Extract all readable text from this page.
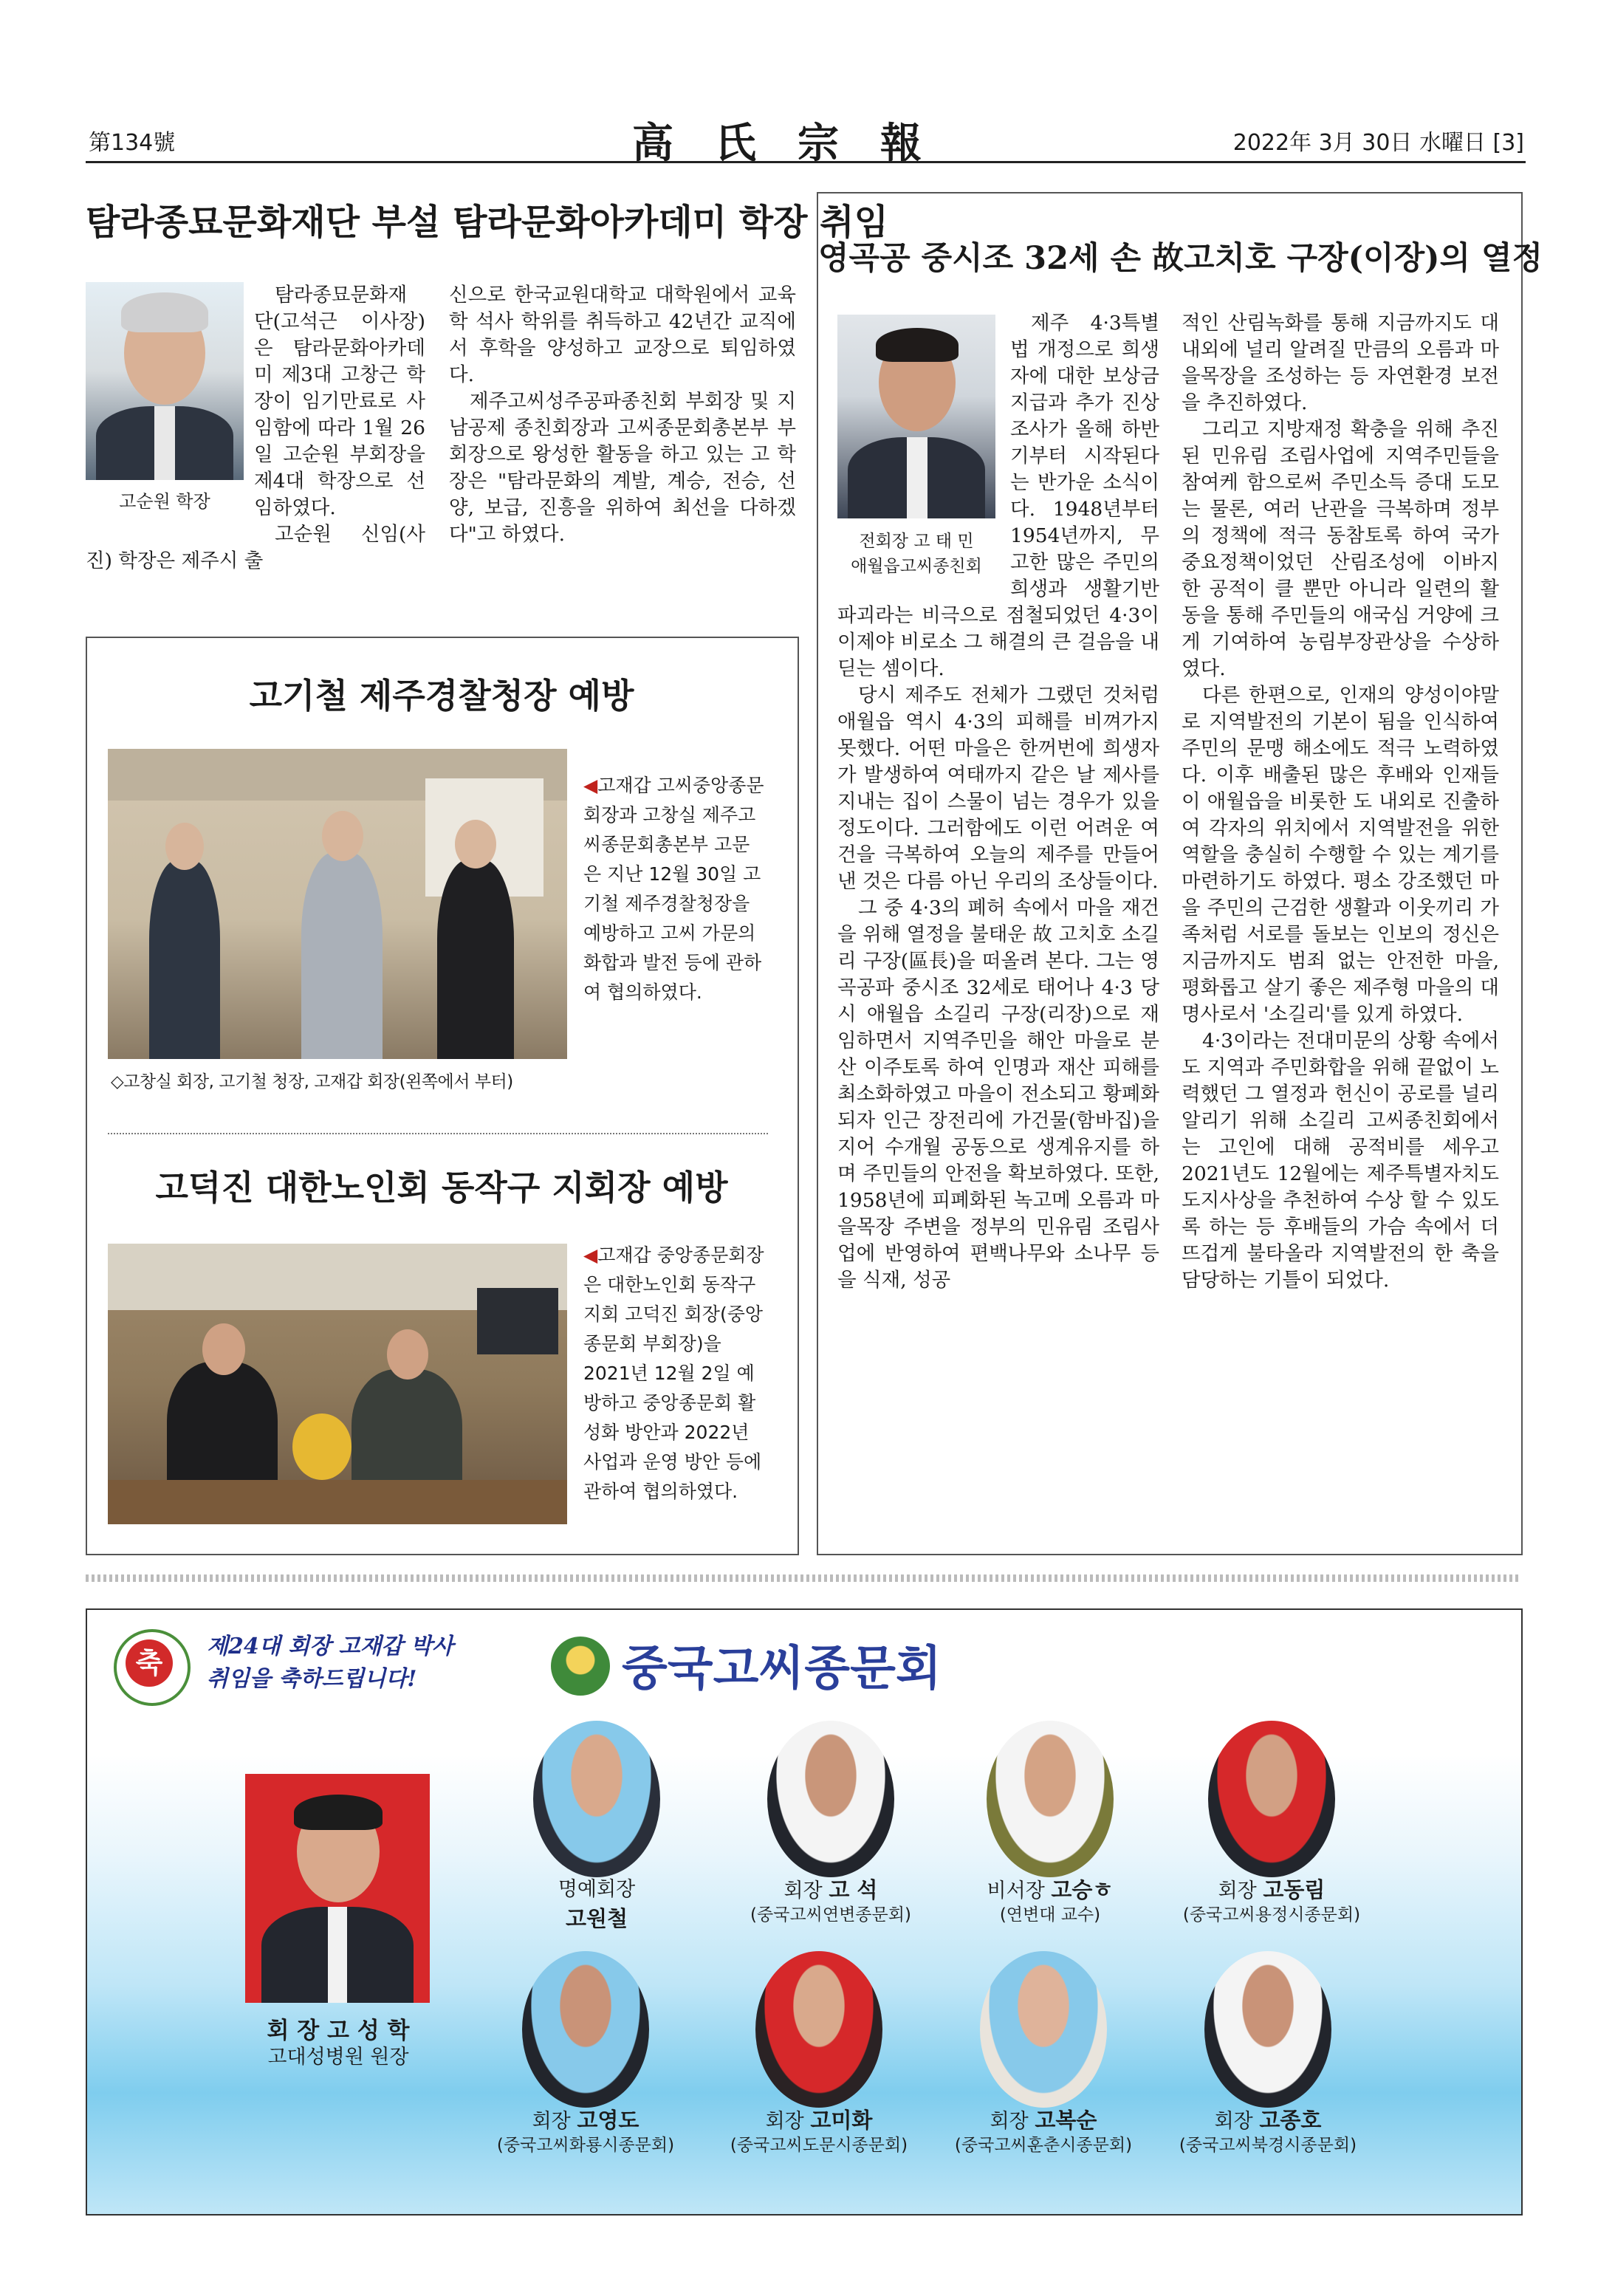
第134號	高氏宗報	2022年 3月 30日 水曜日 [3]
탐라종묘문화재단 부설 탐라문화아카데미 학장 취임
고순원 학장

탐라종묘문화재단(고석근 이사장)은 탐라문화아카데미 제3대 고창근 학장이 임기만료로 사임함에 따라 1월 26일 고순원 부회장을 제4대 학장으로 선임하였다.

고순원 신임(사진) 학장은 제주시 출

신으로 한국교원대학교 대학원에서 교육학 석사 학위를 취득하고 42년간 교직에서 후학을 양성하고 교장으로 퇴임하였다.

제주고씨성주공파종친회 부회장 및 지남공제 종친회장과 고씨종문회총본부 부회장으로 왕성한 활동을 하고 있는 고 학장은 "탐라문화의 계발, 계승, 전승, 선양, 보급, 진흥을 위하여 최선을 다하겠다"고 하였다.

고기철 제주경찰청장 예방
◀고재갑 고씨중앙종문회장과 고창실 제주고씨종문회총본부 고문은 지난 12월 30일 고기철 제주경찰청장을 예방하고 고씨 가문의 화합과 발전 등에 관하여 협의하였다.
◇고창실 회장, 고기철 청장, 고재갑 회장(왼쪽에서 부터)
고덕진 대한노인회 동작구 지회장 예방
◀고재갑 중앙종문회장은 대한노인회 동작구지회 고덕진 회장(중앙종문회 부회장)을 2021년 12월 2일 예방하고 중앙종문회 활성화 방안과 2022년 사업과 운영 방안 등에 관하여 협의하였다.
영곡공 중시조 32세 손 故고치호 구장(이장)의 열정
전회장 고 태 민
애월읍고씨종친회

제주 4·3특별법 개정으로 희생자에 대한 보상금 지급과 추가 진상조사가 올해 하반기부터 시작된다는 반가운 소식이다. 1948년부터 1954년까지, 무고한 많은 주민의 희생과 생활기반 파괴라는 비극으로 점철되었던 4·3이 이제야 비로소 그 해결의 큰 걸음을 내딛는 셈이다.

당시 제주도 전체가 그랬던 것처럼 애월읍 역시 4·3의 피해를 비껴가지 못했다. 어떤 마을은 한꺼번에 희생자가 발생하여 여태까지 같은 날 제사를 지내는 집이 스물이 넘는 경우가 있을 정도이다. 그러함에도 이런 어려운 여건을 극복하여 오늘의 제주를 만들어 낸 것은 다름 아닌 우리의 조상들이다.

그 중 4·3의 폐허 속에서 마을 재건을 위해 열정을 불태운 故 고치호 소길리 구장(區長)을 떠올려 본다. 그는 영곡공파 중시조 32세로 태어나 4·3 당시 애월읍 소길리 구장(리장)으로 재임하면서 지역주민을 해안 마을로 분산 이주토록 하여 인명과 재산 피해를 최소화하였고 마을이 전소되고 황폐화 되자 인근 장전리에 가건물(함바집)을 지어 수개월 공동으로 생계유지를 하며 주민들의 안전을 확보하였다. 또한, 1958년에 피폐화된 녹고메 오름과 마을목장 주변을 정부의 민유림 조림사업에 반영하여 편백나무와 소나무 등을 식재, 성공

적인 산림녹화를 통해 지금까지도 대내외에 널리 알려질 만큼의 오름과 마을목장을 조성하는 등 자연환경 보전을 추진하였다.

그리고 지방재정 확충을 위해 추진된 민유림 조림사업에 지역주민들을 참여케 함으로써 주민소득 증대 도모는 물론, 여러 난관을 극복하며 정부의 정책에 적극 동참토록 하여 국가 중요정책이었던 산림조성에 이바지 한 공적이 클 뿐만 아니라 일련의 활동을 통해 주민들의 애국심 거양에 크게 기여하여 농림부장관상을 수상하였다.

다른 한편으로, 인재의 양성이야말로 지역발전의 기본이 됨을 인식하여 주민의 문맹 해소에도 적극 노력하였다. 이후 배출된 많은 후배와 인재들이 애월읍을 비롯한 도 내외로 진출하여 각자의 위치에서 지역발전을 위한 역할을 충실히 수행할 수 있는 계기를 마련하기도 하였다. 평소 강조했던 마을 주민의 근검한 생활과 이웃끼리 가족처럼 서로를 돌보는 인보의 정신은 지금까지도 범죄 없는 안전한 마을, 평화롭고 살기 좋은 제주형 마을의 대명사로서 '소길리'를 있게 하였다.

4·3이라는 전대미문의 상황 속에서도 지역과 주민화합을 위해 끝없이 노력했던 그 열정과 헌신이 공로를 널리 알리기 위해 소길리 고씨종친회에서는 고인에 대해 공적비를 세우고 2021년도 12월에는 제주특별자치도 도지사상을 추천하여 수상 할 수 있도록 하는 등 후배들의 가슴 속에서 더 뜨겁게 불타올라 지역발전의 한 축을 담당하는 기틀이 되었다.

축
제24대 회장 고재갑 박사
취임을 축하드립니다!	중국고씨종문회
회 장 고 성 학
고대성병원 원장
명예회장
고원철
회장 고 석
(중국고씨연변종문회)
비서장 고승ㅎ
(연변대 교수)
회장 고동림
(중국고씨용정시종문회)
회장 고영도
(중국고씨화룡시종문회)
회장 고미화
(중국고씨도문시종문회)
회장 고복순
(중국고씨훈춘시종문회)
회장 고종호
(중국고씨북경시종문회)
